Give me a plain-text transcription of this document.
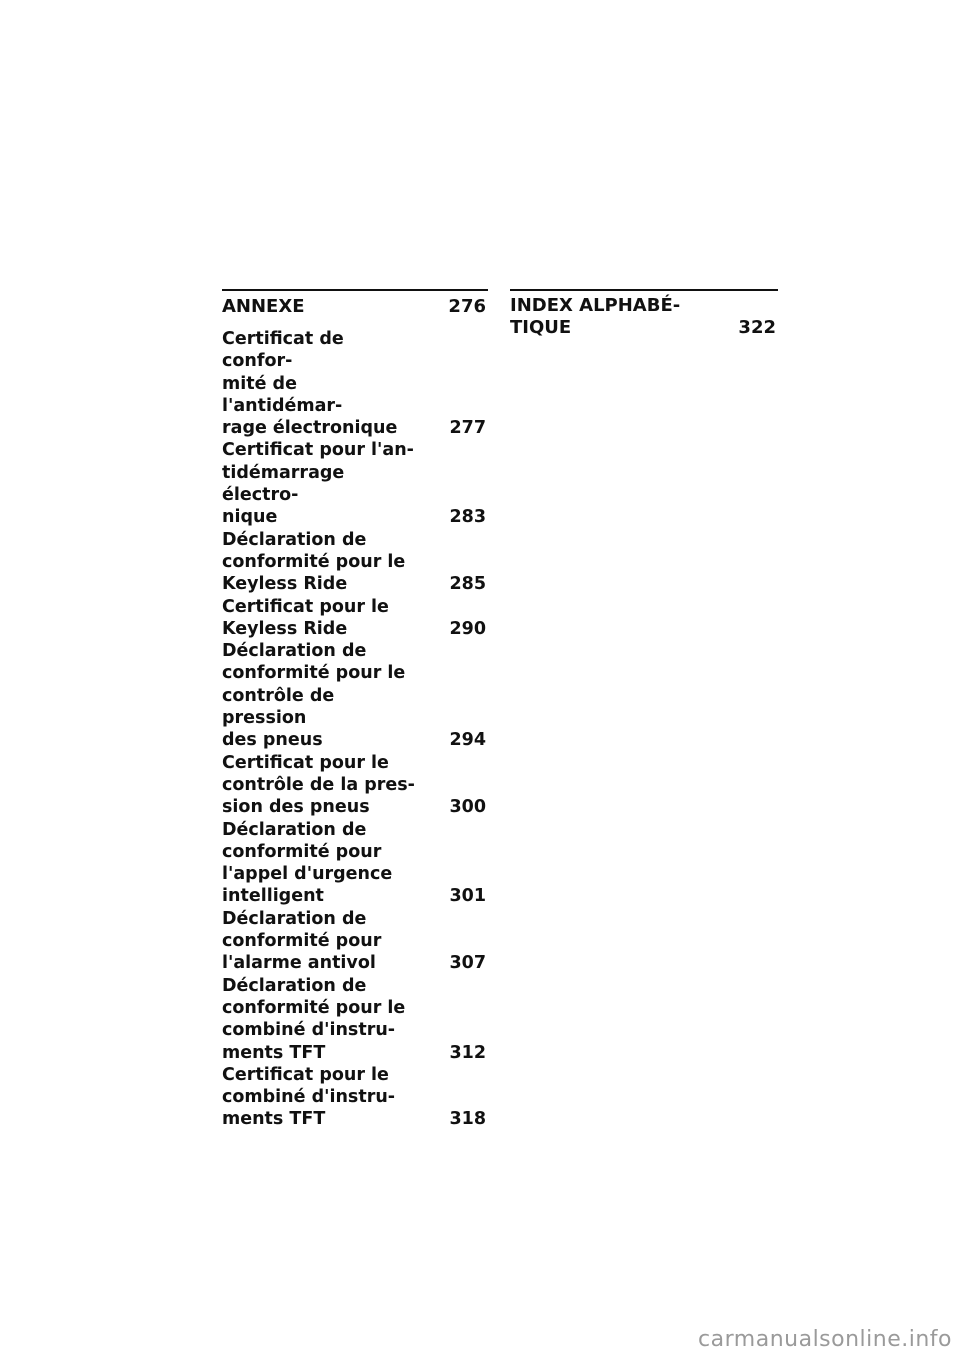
ANNEXE	276
Certificat de confor-
mité de l'antidémar-
rage électronique	277
Certificat pour l'an-
tidémarrage électro-
nique	283
Déclaration de
conformité pour le
Keyless Ride	285
Certificat pour le
Keyless Ride	290
Déclaration de
conformité pour le
contrôle de pression
des pneus	294
Certificat pour le
contrôle de la pres-
sion des pneus	300
Déclaration de
conformité pour
l'appel d'urgence
intelligent	301
Déclaration de
conformité pour
l'alarme antivol	307
Déclaration de
conformité pour le
combiné d'instru-
ments TFT	312
Certificat pour le
combiné d'instru-
ments TFT	318
INDEX ALPHABÉ-
TIQUE	322
carmanualsonline.info
